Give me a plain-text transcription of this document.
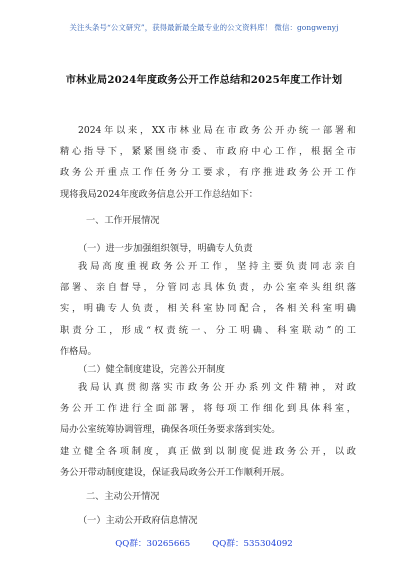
关注头条号“公文研究”，获得最新最全最专业的公文资料库！ 微信：gongwenyj
市林业局2024年度政务公开工作总结和2025年度工作计划
2024年以来，XX市林业局在市政务公开办统一部署和
精心指导下，紧紧围绕市委、市政府中心工作，根据全市
政务公开重点工作任务分工要求，有序推进政务公开工作
现将我局2024年度政务信息公开工作总结如下：
一、工作开展情况
（一）进一步加强组织领导，明确专人负责
我局高度重视政务公开工作，坚持主要负责同志亲自
部署、亲自督导，分管同志具体负责，办公室牵头组织落
实，明确专人负责，相关科室协同配合，各相关科室明确
职责分工，形成“权责统一、分工明确、科室联动”的工
作格局。
（二）健全制度建设，完善公开制度
我局认真贯彻落实市政务公开办系列文件精神，对政
务公开工作进行全面部署，将每项工作细化到具体科室，
局办公室统筹协调管理，确保各项任务要求落到实处。
建立健全各项制度，真正做到以制度促进政务公开，以政
务公开带动制度建设，保证我局政务公开工作顺利开展。
二、主动公开情况
（一）主动公开政府信息情况
QQ群：30265665	QQ群：535304092
